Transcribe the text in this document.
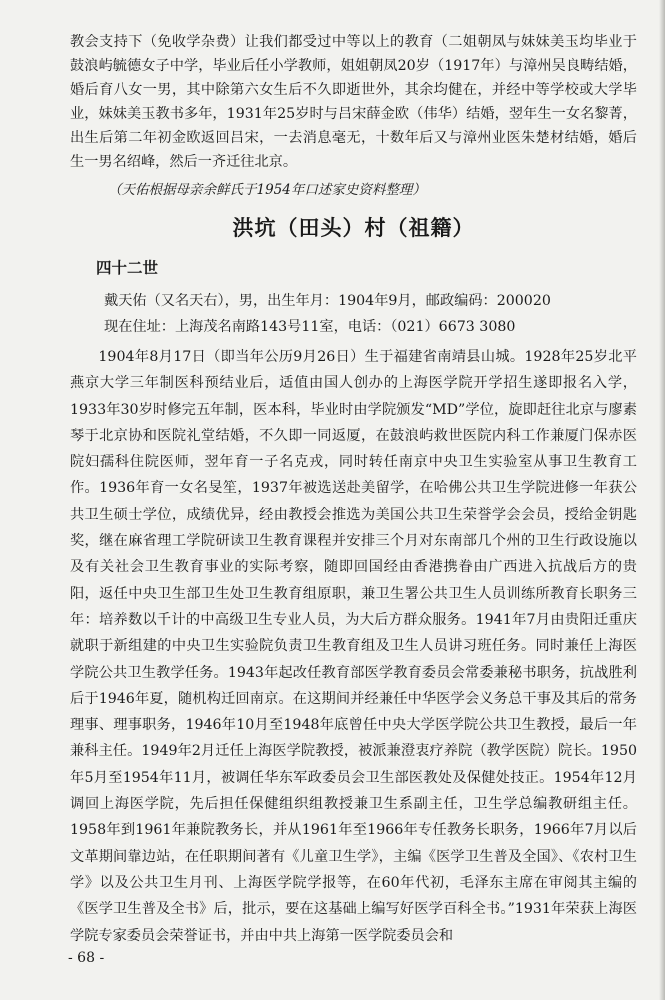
教会支持下（免收学杂费）让我们都受过中等以上的教育（二姐朝凤与妹妹美玉均毕业于鼓浪屿毓德女子中学，毕业后任小学教师，姐姐朝凤20岁（1917年）与漳州吴良畴结婚，婚后育八女一男，其中除第六女生后不久即逝世外，其余均健在，并经中等学校或大学毕业，妹妹美玉教书多年，1931年25岁时与吕宋薛金欧（伟华）结婚，翌年生一女名黎菁，出生后第二年初金欧返回吕宋，一去消息毫无，十数年后又与漳州业医朱楚材结婚，婚后生一男名绍峰，然后一齐迁往北京。

（天佑根据母亲余鲜氏于1954年口述家史资料整理）

洪坑（田头）村（祖籍）
四十二世

戴天佑（又名天右），男，出生年月：1904年9月，邮政编码：200020

现在住址：上海茂名南路143号11室，电话：（021）6673 3080

1904年8月17日（即当年公历9月26日）生于福建省南靖县山城。1928年25岁北平燕京大学三年制医科预结业后，适值由国人创办的上海医学院开学招生遂即报名入学，1933年30岁时修完五年制，医本科，毕业时由学院颁发“MD”学位，旋即赶往北京与廖素琴于北京协和医院礼堂结婚，不久即一同返厦，在鼓浪屿救世医院内科工作兼厦门保赤医院妇孺科住院医师，翌年育一子名克戎，同时转任南京中央卫生实验室从事卫生教育工作。1936年育一女名旻笙，1937年被选送赴美留学，在哈佛公共卫生学院进修一年获公共卫生硕士学位，成绩优异，经由教授会推选为美国公共卫生荣誉学会会员，授给金钥匙奖，继在麻省理工学院研读卫生教育课程并安排三个月对东南部几个州的卫生行政设施以及有关社会卫生教育事业的实际考察，随即回国经由香港携眷由广西进入抗战后方的贵阳，返任中央卫生部卫生处卫生教育组原职，兼卫生署公共卫生人员训练所教育长职务三年：培养数以千计的中高级卫生专业人员，为大后方群众服务。1941年7月由贵阳迁重庆就职于新组建的中央卫生实验院负责卫生教育组及卫生人员讲习班任务。同时兼任上海医学院公共卫生教学任务。1943年起改任教育部医学教育委员会常委兼秘书职务，抗战胜利后于1946年夏，随机构迁回南京。在这期间并经兼任中华医学会义务总干事及其后的常务理事、理事职务，1946年10月至1948年底曾任中央大学医学院公共卫生教授，最后一年兼科主任。1949年2月迁任上海医学院教授，被派兼澄衷疗养院（教学医院）院长。1950年5月至1954年11月，被调任华东军政委员会卫生部医教处及保健处技正。1954年12月调回上海医学院，先后担任保健组织组教授兼卫生系副主任，卫生学总编教研组主任。1958年到1961年兼院教务长，并从1961年至1966年专任教务长职务，1966年7月以后文革期间靠边站，在任职期间著有《儿童卫生学》，主编《医学卫生普及全国》、《农村卫生学》以及公共卫生月刊、上海医学院学报等，在60年代初，毛泽东主席在审阅其主编的《医学卫生普及全书》后，批示，要在这基础上编写好医学百科全书。”1931年荣获上海医学院专家委员会荣誉证书，并由中共上海第一医学院委员会和

- 68 -
